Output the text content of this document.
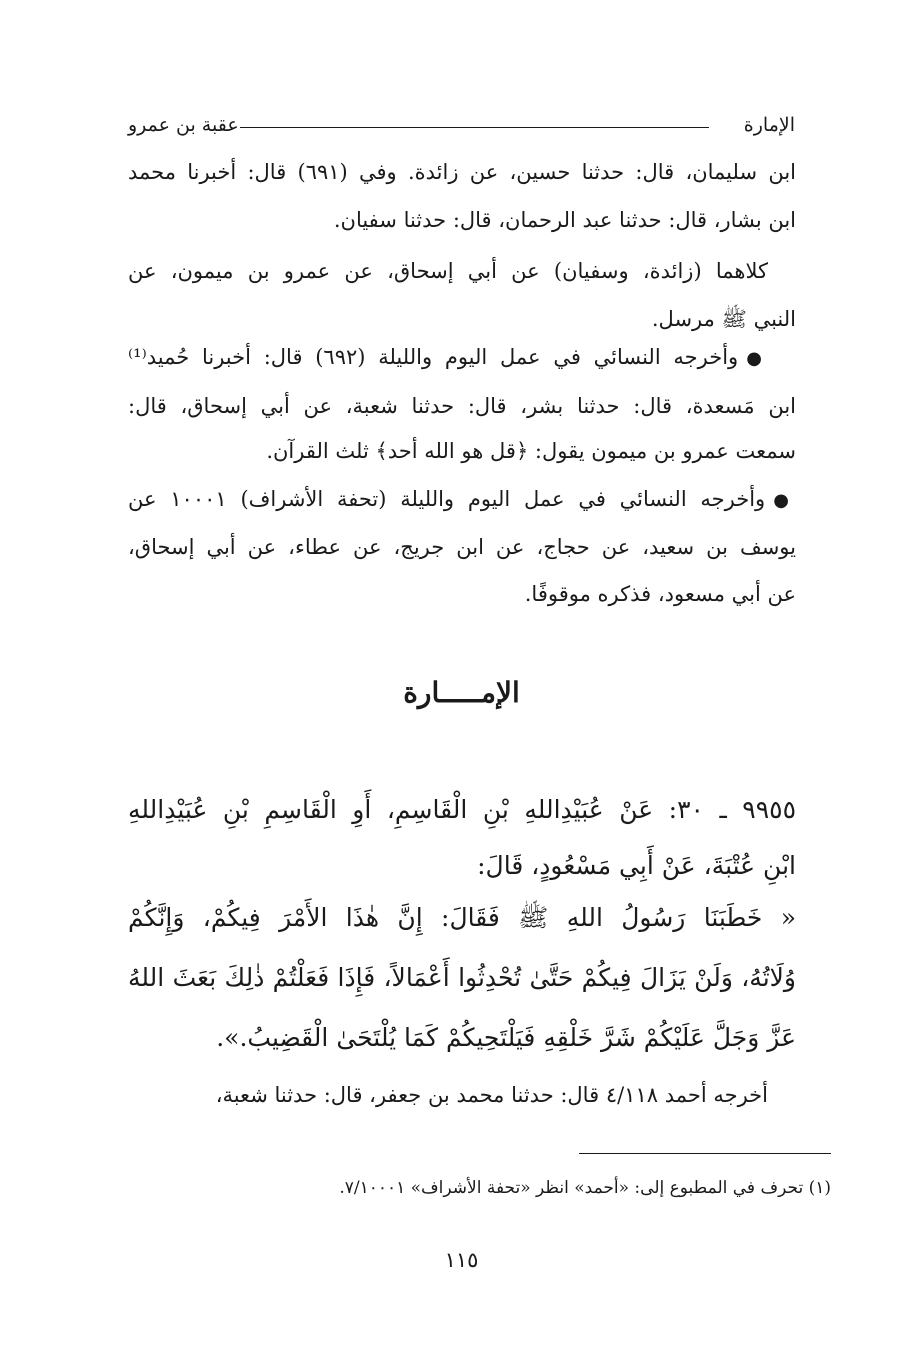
الإمارة
عقبة بن عمرو
ابن سليمان، قال: حدثنا حسين، عن زائدة. وفي (٦٩١) قال: أخبرنا محمد
ابن بشار، قال: حدثنا عبد الرحمان، قال: حدثنا سفيان.
كلاهما (زائدة، وسفيان) عن أبي إسحاق، عن عمرو بن ميمون، عن
النبي ﷺ مرسل.
●وأخرجه النسائي في عمل اليوم والليلة (٦٩٢) قال: أخبرنا حُميد⁽¹⁾
ابن مَسعدة، قال: حدثنا بشر، قال: حدثنا شعبة، عن أبي إسحاق، قال:
سمعت عمرو بن ميمون يقول: ﴿قل هو الله أحد﴾ ثلث القرآن.
●وأخرجه النسائي في عمل اليوم والليلة (تحفة الأشراف) ١٠٠٠١ عن
يوسف بن سعيد، عن حجاج، عن ابن جريج، عن عطاء، عن أبي إسحاق،
عن أبي مسعود، فذكره موقوفًا.
الإمـــــارة
٩٩٥٥ ـ ٣٠: عَنْ عُبَيْدِاللهِ بْنِ الْقَاسِمِ، أَوِ الْقَاسِمِ بْنِ عُبَيْدِاللهِ
ابْنِ عُتْبَةَ، عَنْ أَبِي مَسْعُودٍ، قَالَ:
« خَطَبَنَا رَسُولُ اللهِ ﷺ فَقَالَ: إِنَّ هٰذَا الأَمْرَ فِيكُمْ، وَإِنَّكُمْ
وُلَاتُهُ، وَلَنْ يَزَالَ فِيكُمْ حَتَّىٰ تُحْدِثُوا أَعْمَالاً، فَإِذَا فَعَلْتُمْ ذٰلِكَ بَعَثَ اللهُ
عَزَّ وَجَلَّ عَلَيْكُمْ شَرَّ خَلْقِهِ فَيَلْتَحِيكُمْ كَمَا يُلْتَحَىٰ الْقَضِيبُ.».
أخرجه أحمد ٤/١١٨ قال: حدثنا محمد بن جعفر، قال: حدثنا شعبة،
(١) تحرف في المطبوع إلى: «أحمد» انظر «تحفة الأشراف» ٧/١٠٠٠١.
١١٥
